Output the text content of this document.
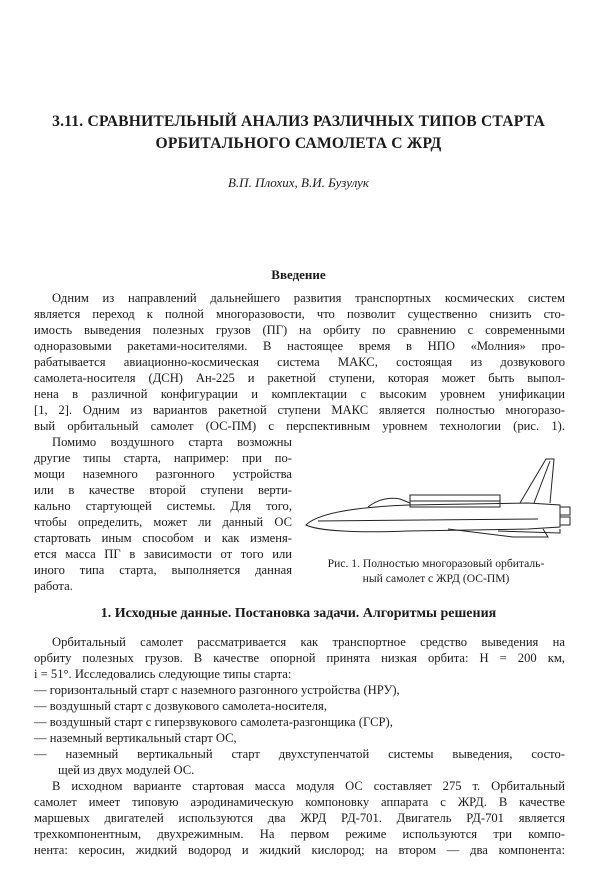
3.11. СРАВНИТЕЛЬНЫЙ АНАЛИЗ РАЗЛИЧНЫХ ТИПОВ СТАРТА
ОРБИТАЛЬНОГО САМОЛЕТА С ЖРД
В.П. Плохих, В.И. Бузулук
Введение
Одним из направлений дальнейшего развития транспортных космических систем
является переход к полной многоразовости, что позволит существенно снизить сто-
имость выведения полезных грузов (ПГ) на орбиту по сравнению с современными
одноразовыми ракетами-носителями. В настоящее время в НПО «Молния» про-
рабатывается авиационно-космическая система МАКС, состоящая из дозвукового
самолета-носителя (ДСН) Ан-225 и ракетной ступени, которая может быть выпол-
нена в различной конфигурации и комплектации с высоким уровнем унификации
[1, 2]. Одним из вариантов ракетной ступени МАКС является полностью многоразо-
вый орбитальный самолет (ОС-ПМ) с перспективным уровнем технологии (рис. 1).
Помимо воздушного старта возможны
другие типы старта, например: при по-
мощи наземного разгонного устройства
или в качестве второй ступени верти-
кально стартующей системы. Для того,
чтобы определить, может ли данный ОС
стартовать иным способом и как изменя-
ется масса ПГ в зависимости от того или
иного типа старта, выполняется данная
работа.
Рис. 1. Полностью многоразовый орбиталь-
ный самолет с ЖРД (ОС-ПМ)
1. Исходные данные. Постановка задачи. Алгоритмы решения
Орбитальный самолет рассматривается как транспортное средство выведения на
орбиту полезных грузов. В качестве опорной принята низкая орбита: H = 200 км,
i = 51°. Исследовались следующие типы старта:
— горизонтальный старт с наземного разгонного устройства (НРУ),
— воздушный старт с дозвукового самолета-носителя,
— воздушный старт с гиперзвукового самолета-разгонщика (ГСР),
— наземный вертикальный старт ОС,
— наземный вертикальный старт двухступенчатой системы выведения, состо-
щей из двух модулей ОС.
В исходном варианте стартовая масса модуля ОС составляет 275 т. Орбитальный
самолет имеет типовую аэродинамическую компоновку аппарата с ЖРД. В качестве
маршевых двигателей используются два ЖРД РД-701. Двигатель РД-701 является
трехкомпонентным, двухрежимным. На первом режиме используются три компо-
нента: керосин, жидкий водород и жидкий кислород; на втором — два компонента:
